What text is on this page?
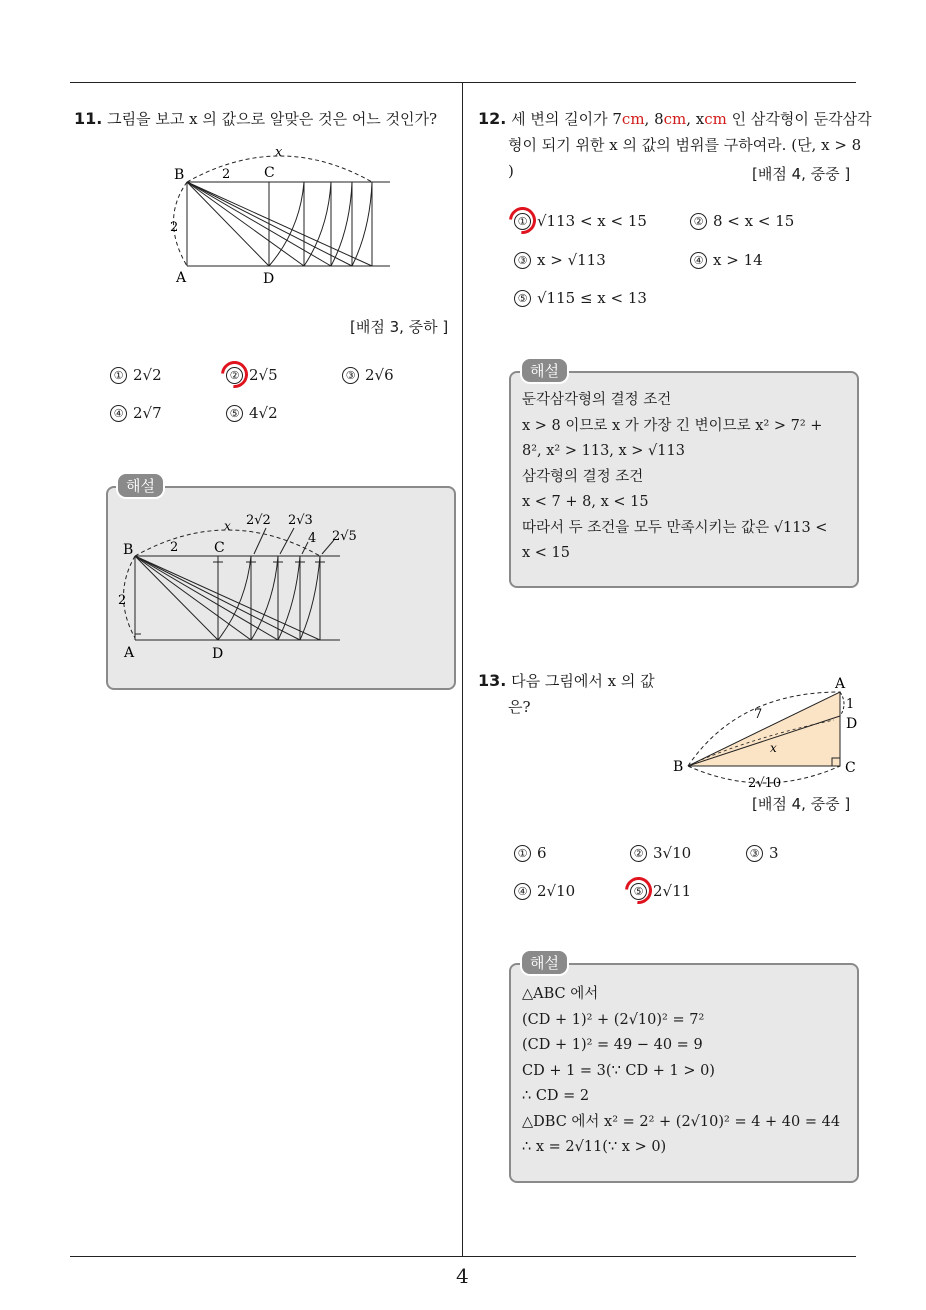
4
11. 그림을 보고 x 의 값으로 알맞은 것은 어느 것인가?
x
B	2 C
2
A	D
[배점 3, 중하 ]
① 2√2	② 2√5	③ 2√6
④ 2√7	⑤ 4√2
해설
x 2√2 2√3
4 2√5
B	2	C
2
A	D
12. 세 변의 길이가 7cm, 8cm, xcm 인 삼각형이 둔각삼각
형이 되기 위한 x 의 값의 범위를 구하여라. (단, x > 8
)	[배점 4, 중중 ]
① √113 < x < 15	② 8 < x < 15
③ x > √113	④ x > 14
⑤ √115 ≤ x < 13
해설
둔각삼각형의 결정 조건
x > 8 이므로 x 가 가장 긴 변이므로 x² > 7² +
8², x² > 113, x > √113
삼각형의 결정 조건
x < 7 + 8, x < 15
따라서 두 조건을 모두 만족시키는 값은 √113 <
x < 15
13. 다음 그림에서 x 의 값
은?
A
7
1
D
x
B	C
2√10
[배점 4, 중중 ]
① 6	② 3√10	③ 3
④ 2√10	⑤ 2√11
해설
△ABC 에서
(CD + 1)² + (2√10)² = 7²
(CD + 1)² = 49 − 40 = 9
CD + 1 = 3(∵ CD + 1 > 0)
∴ CD = 2
△DBC 에서 x² = 2² + (2√10)² = 4 + 40 = 44
∴ x = 2√11(∵ x > 0)
